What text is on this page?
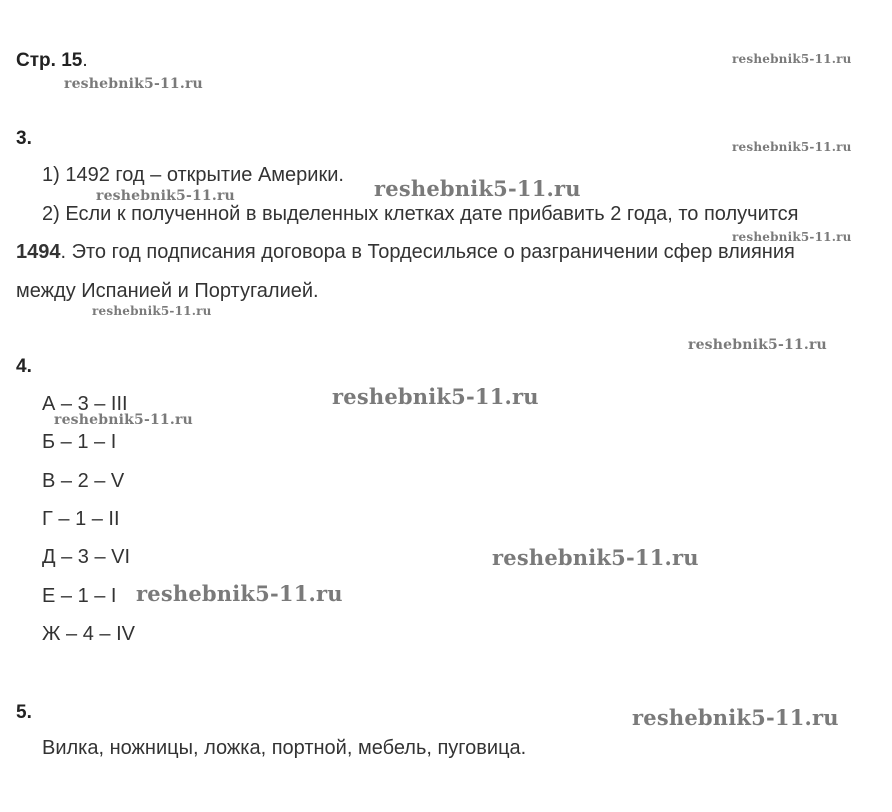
Стр. 15.
3.
1) 1492 год – открытие Америки.
2) Если к полученной в выделенных клетках дате прибавить 2 года, то получится
1494. Это год подписания договора в Тордесильясе о разграничении сфер влияния
между Испанией и Португалией.
4.
А – 3 – III
Б – 1 – I
В – 2 – V
Г – 1 – II
Д – 3 – VI
Е – 1 – I
Ж – 4 – IV
5.
Вилка, ножницы, ложка, портной, мебель, пуговица.
reshebnik5-11.ru
reshebnik5-11.ru
reshebnik5-11.ru
reshebnik5-11.ru
reshebnik5-11.ru
reshebnik5-11.ru
reshebnik5-11.ru
reshebnik5-11.ru
reshebnik5-11.ru
reshebnik5-11.ru
reshebnik5-11.ru
reshebnik5-11.ru
reshebnik5-11.ru
